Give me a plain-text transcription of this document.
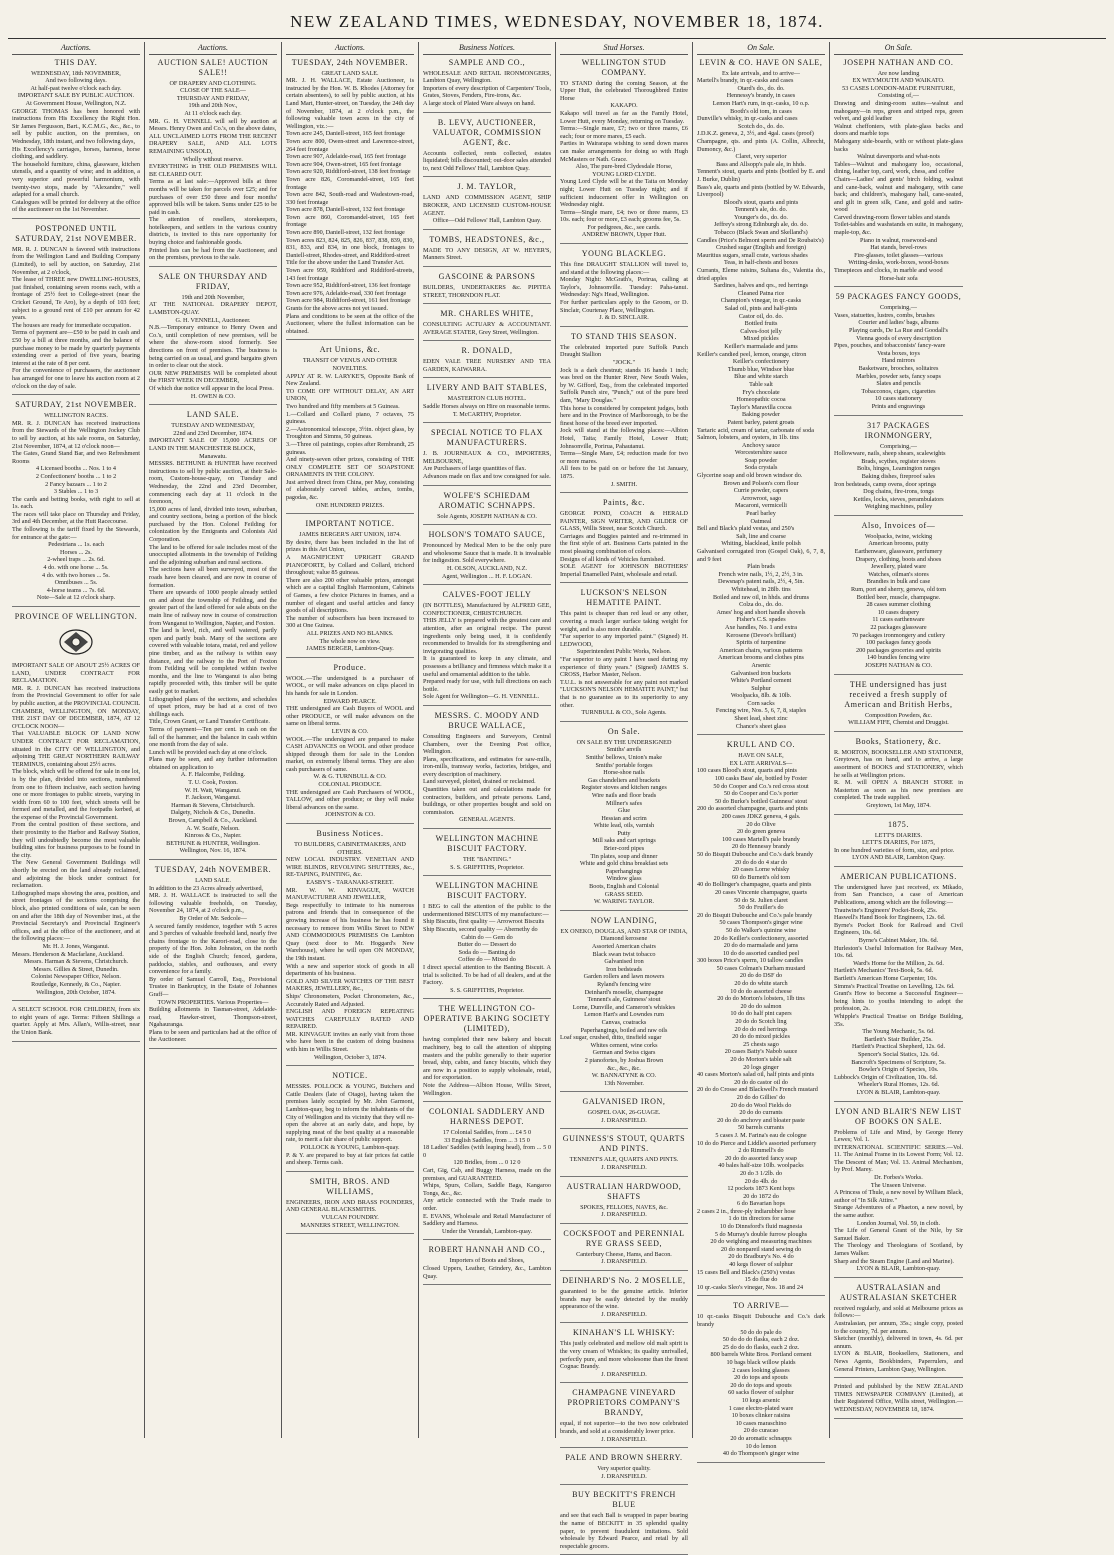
NEW ZEALAND TIMES, WEDNESDAY, NOVEMBER 18, 1874.
Auctions.
THIS DAY.

WEDNESDAY, 18th NOVEMBER,

And two following days.

At half-past twelve o'clock each day.

IMPORTANT SALE BY PUBLIC AUCTION.

At Government House, Wellington, N.Z.

GEORGE THOMAS has been honored with instructions from His Excellency the Right Hon. Sir James Fergusson, Bart., K.C.M.G., &c., &c., to sell by public auction, on the premises, on Wednesday, 18th instant, and two following days,

His Excellency's carriages, horses, harness, horse clothing, and saddlery.

The household furniture, china, glassware, kitchen utensils, and a quantity of wine; and in addition, a very superior and powerful harmonium, with twenty-two stops, made by "Alexandre," well adapted for a small church.

Catalogues will be printed for delivery at the office of the auctioneer on the 1st November.

POSTPONED UNTIL SATURDAY, 21st NOVEMBER.

MR. R. J. DUNCAN is favored with instructions from the Wellington Land and Building Company (Limited), to sell by auction, on Saturday, 21st November, at 2 o'clock,

The lease of THREE new DWELLING-HOUSES, just finished, containing seven rooms each, with a frontage of 25½ feet to College-street (near the Cricket Ground, Te Aro), by a depth of 103 feet; subject to a ground rent of £10 per annum for 42 years.

The houses are ready for immediate occupation.

Terms of payment are—£50 to be paid in cash and £50 by a bill at three months, and the balance of purchase money to be made by quarterly payments extending over a period of five years, bearing interest at the rate of 8 per cent.

For the convenience of purchasers, the auctioneer has arranged for one to leave his auction room at 2 o'clock on the day of sale.

SATURDAY, 21st NOVEMBER.

WELLINGTON RACES.

MR. R. J. DUNCAN has received instructions from the Stewards of the Wellington Jockey Club to sell by auction, at his sale rooms, on Saturday, 21st November, 1874, at 12 o'clock noon—

The Gates, Grand Stand Bar, and two Refreshment Rooms

4 Licensed booths ... Nos. 1 to 4

2 Confectioners' booths ... 1 to 2

2 Fancy bazaars ... 1 to 2

3 Stables ... 1 to 3

The cards and betting books, with right to sell at 1s. each.

The races will take place on Thursday and Friday, 3rd and 4th December, at the Hutt Racecourse.

The following is the tariff fixed by the Stewards, for entrance at the gate:—

Pedestrians ... 1s. each

Horses ... 2s.

2-wheel traps ... 2s. 6d.

4 do. with one horse ... 5s.

4 do. with two horses ... 5s.

Omnibuses ... 5s.

4-horse teams ... 7s. 6d.

Note—Sale at 12 o'clock sharp.

PROVINCE OF WELLINGTON.

IMPORTANT SALE OF ABOUT 25½ ACRES OF LAND, UNDER CONTRACT FOR RECLAMATION.

MR. R. J. DUNCAN has received instructions from the Provincial Government to offer for sale by public auction, at the PROVINCIAL COUNCIL CHAMBER, WELLINGTON, ON MONDAY, THE 21ST DAY OF DECEMBER, 1874, AT 12 O'CLOCK NOON—

That VALUABLE BLOCK OF LAND NOW UNDER CONTRACT FOR RECLAMATION, situated in the CITY OF WELLINGTON, and adjoining THE GREAT NORTHERN RAILWAY TERMINUS, containing about 25½ acres.

The block, which will be offered for sale in one lot, is by the plan, divided into sections, numbered from one to fifteen inclusive, each section having one or more frontages to public streets, varying in width from 60 to 100 feet, which streets will be formed and metalled, and the footpaths kerbed, at the expense of the Provincial Government.

From the central position of these sections, and their proximity to the Harbor and Railway Station, they will undoubtedly become the most valuable building sites for business purposes to be found in the city.

The New General Government Buildings will shortly be erected on the land already reclaimed, and adjoining the block under contract for reclamation.

Lithographed maps showing the area, position, and street frontages of the sections comprising the block, also printed conditions of sale, can be seen on and after the 18th day of November inst., at the Provincial Secretary's and Provincial Engineer's offices, and at the office of the auctioneer, and at the following places:—

Mr. H. J. Jones, Wanganui.

Messrs. Henderson & Macfarlane, Auckland.

Messrs. Harman & Stevens, Christchurch.

Messrs. Gillies & Street, Dunedin.

Colonist Newspaper Office, Nelson.

Routledge, Kennedy, & Co., Napier.

Wellington, 20th October, 1874.

A SELECT SCHOOL FOR CHILDREN, from six to eight years of age. Terms: Fifteen Shillings a quarter. Apply at Mrs. Allan's, Willis-street, near the Union Bank.

Auctions.
AUCTION SALE! AUCTION SALE!!

OF DRAPERY AND CLOTHING.

CLOSE OF THE SALE—

THURSDAY AND FRIDAY,

19th and 20th Nov.,

At 11 o'clock each day.

MR. G. H. VENNELL will sell by auction at Messrs. Henry Owen and Co.'s, on the above dates,

ALL UNCLAIMED LOTS FROM THE RECENT DRAPERY SALE, AND ALL LOTS REMAINING UNSOLD,

Wholly without reserve.

EVERYTHING in THE OLD PREMISES WILL BE CLEARED OUT.

Terms as at last sale:—Approved bills at three months will be taken for parcels over £25; and for purchases of over £50 three and four months' approved bills will be taken. Sums under £25 to be paid in cash.

The attention of resellers, storekeepers, hotelkeepers, and settlers in the various country districts, is invited to this rare opportunity for buying choice and fashionable goods.

Printed lists can be had from the Auctioneer, and on the premises, previous to the sale.

SALE ON THURSDAY AND FRIDAY,

19th and 20th November,

AT THE NATIONAL DRAPERY DEPOT, LAMBTON-QUAY.

G. H. VENNELL, Auctioneer.

N.B.—Temporary entrance to Henry Owen and Co.'s, until completion of new premises, will be where the show-room stood formerly. See directions on front of premises. The business is being carried on as usual, and grand bargains given in order to clear out the stock.

OUR NEW PREMISES Will be completed about the FIRST WEEK IN DECEMBER,

Of which due notice will appear in the local Press.

H. OWEN & CO.

LAND SALE.

TUESDAY AND WEDNESDAY,

22nd and 23rd December, 1874.

IMPORTANT SALE OF 15,000 ACRES OF LAND IN THE MANCHESTER BLOCK,

Manawatu.

MESSRS. BETHUNE & HUNTER have received instructions to sell by public auction, at their Sale-room, Custom-house-quay, on Tuesday and Wednesday, the 22nd and 23rd December, commencing each day at 11 o'clock in the forenoon,

15,000 acres of land, divided into town, suburban, and country sections, being a portion of the block purchased by the Hon. Colonel Feilding for colonization by the Emigrants and Colonists Aid Corporation.

The land to be offered for sale includes most of the unoccupied allotments in the township of Feilding and the adjoining suburban and rural sections.

The sections have all been surveyed, most of the roads have been cleared, and are now in course of formation.

There are upwards of 1000 people already settled on and about the township of Feilding, and the greater part of the land offered for sale abuts on the main line of railway now in course of construction from Wanganui to Wellington, Napier, and Foxton.

The land is level, rich, and well watered, partly open and partly bush. Many of the sections are covered with valuable totara, matai, red and yellow pine timber, and as the railway is within easy distance, and the railway to the Port of Foxton from Feilding will be completed within twelve months, and the line to Wanganui is also being rapidly proceeded with, this timber will be quite easily got to market.

Lithographed plans of the sections, and schedules of upset prices, may be had at a cost of two shillings each.

Title, Crown Grant, or Land Transfer Certificate.

Terms of payment—Ten per cent. in cash on the fall of the hammer, and the balance in cash within one month from the day of sale.

Lunch will be provided each day at one o'clock.

Plans may be seen, and any further information obtained on application to

A. F. Halcombe, Feilding.

T. U. Cook, Foxton.

W. H. Watt, Wanganui.

F. Jackson, Wanganui.

Harman & Stevens, Christchurch.

Dalgety, Nichols & Co., Dunedin.

Brown, Campbell & Co., Auckland.

A. W. Scaife, Nelson.

Kinross & Co., Napier.

BETHUNE & HUNTER, Wellington.

Wellington, Nov. 16, 1874.

TUESDAY, 24th NOVEMBER.

LAND SALE.

In addition to the 23 Acres already advertised,

MR. J. H. WALLACE is instructed to sell the following valuable freeholds, on Tuesday, November 24, 1874, at 2 o'clock p.m.,

By Order of Mr. Sedcole—

A secured family residence, together with 5 acres and 3 perches of valuable freehold land, nearly five chains frontage to the Karori-road, close to the property of the Hon. John Johnston, on the north side of the English Church; fenced, gardens, paddocks, stables, and outhouses, and every convenience for a family.

By order of Samuel Carroll, Esq., Provisional Trustee in Bankruptcy, in the Estate of Johannes Graff—

TOWN PROPERTIES. Various Properties—

Building allotments in Tasman-street, Adelaide-road, Hawker-street, Thompson-street, Ngahauranga.

Plans to be seen and particulars had at the office of the Auctioneer.

Auctions.
TUESDAY, 24th NOVEMBER.

GREAT LAND SALE.

MR. J. H. WALLACE, Estate Auctioneer, is instructed by the Hon. W. B. Rhodes (Attorney for certain absentees), to sell by public auction, at his Land Mart, Hunter-street, on Tuesday, the 24th day of November, 1874, at 2 o'clock p.m., the following valuable town acres in the city of Wellington, viz.:—

Town acre 245, Daniell-street, 165 feet frontage

Town acre 800, Owen-street and Lawrence-street, 264 feet frontage

Town acre 907, Adelaide-road, 165 feet frontage

Town acre 904, Owen-street, 165 feet frontage

Town acre 920, Riddiford-street, 138 feet frontage

Town acre 826, Coromandel-street, 165 feet frontage

Town acre 842, South-road and Wadestown-road, 330 feet frontage

Town acre 878, Daniell-street, 132 feet frontage

Town acre 860, Coromandel-street, 165 feet frontage

Town acre 890, Daniell-street, 132 feet frontage

Town acres 823, 824, 825, 826, 837, 838, 839, 830, 831, 833, and 834, in one block, frontages to Daniell-street, Rhodes-street, and Riddiford-street

Title for the above under the Land Transfer Act.

Town acre 959, Riddiford and Riddiford-streets, 143 feet frontage

Town acre 952, Riddiford-street, 136 feet frontage

Town acre 976, Adelaide-road, 330 feet frontage

Town acre 984, Riddiford-street, 161 feet frontage

Grants for the above acres not yet issued.

Plans and conditions to be seen at the office of the Auctioneer, where the fullest information can be obtained.

Art Unions, &c.

TRANSIT OF VENUS AND OTHER NOVELTIES.

APPLY AT R. W. LARYKE'S, Opposite Bank of New Zealand.

TO COME OFF WITHOUT DELAY, AN ART UNION,

Two hundred and fifty members at 5 Guineas.

1.—Collard and Collard piano, 7 octaves, 75 guineas.

2.—Astronomical telescope, 3½in. object glass, by Troughton and Simms, 50 guineas.

3.—Three oil paintings, copies after Rembrandt, 25 guineas.

And ninety-seven other prizes, consisting of THE ONLY COMPLETE SET OF SOAPSTONE ORNAMENTS IN THE COLONY.

Just arrived direct from China, per May, consisting of elaborately carved tables, arches, tombs, pagodas, &c.

ONE HUNDRED PRIZES.

IMPORTANT NOTICE.

JAMES BERGER'S ART UNION, 1874.

By desire, there has been included in the list of prizes in this Art Union,

A MAGNIFICENT UPRIGHT GRAND PIANOFORTE, by Collard and Collard, trichord throughout; value 85 guineas.

There are also 200 other valuable prizes, amongst which are a capital English Harmonium, Cabinets of Games, a few choice Pictures in frames, and a number of elegant and useful articles and fancy goods of all descriptions.

The number of subscribers has been increased to 300 at One Guinea.

ALL PRIZES AND NO BLANKS.

The whole now on view.

JAMES BERGER, Lambton-Quay.

Produce.

WOOL.—The undersigned is a purchaser of WOOL, or will make advances on clips placed in his hands for sale in London.

EDWARD PEARCE.

THE undersigned are Cash Buyers of WOOL and other PRODUCE, or will make advances on the same on liberal terms.

LEVIN & CO.

WOOL.—The undersigned are prepared to make CASH ADVANCES on WOOL and other produce shipped through them for sale in the London market, on extremely liberal terms. They are also cash purchasers of same.

W. & G. TURNBULL & CO.

COLONIAL PRODUCE.

THE undersigned are Cash Purchasers of WOOL, TALLOW, and other produce; or they will make liberal advances on the same.

JOHNSTON & CO.

Business Notices.

TO BUILDERS, CABINETMAKERS, AND OTHERS.

NEW LOCAL INDUSTRY. VENETIAN AND WIRE BLINDS, REVOLVING SHUTTERS, &c., RE-TAPING, PAINTING, &c.

EASBY'S - TARANAKI-STREET.

MR. W. W. KINVAGUE, WATCH MANUFACTURER AND JEWELLER,

Begs respectfully to intimate to his numerous patrons and friends that in consequence of the growing increase of his business he has found it necessary to remove from Willis Street to NEW AND COMMODIOUS PREMISES On Lambton Quay (next door to Mr. Hoggard's New Warehouse), where he will open ON MONDAY, the 19th instant.

With a new and superior stock of goods in all departments of his business.

GOLD AND SILVER WATCHES OF THE BEST MAKERS, JEWELLERY, &c.,

Ships' Chronometers, Pocket Chronometers, &c., Accurately Rated and Adjusted.

ENGLISH AND FOREIGN REPEATING WATCHES CAREFULLY RATED AND REPAIRED.

MR. KINVAGUE invites an early visit from those who have been in the custom of doing business with him in Willis Street.

Wellington, October 3, 1874.

NOTICE.

MESSRS. POLLOCK & YOUNG, Butchers and Cattle Dealers (late of Otago), having taken the premises lately occupied by Mr. John Garmont, Lambton-quay, beg to inform the inhabitants of the City of Wellington and its vicinity that they will re-open the above at an early date, and hope, by supplying meat of the best quality at a reasonable rate, to merit a fair share of public support.

POLLOCK & YOUNG, Lambton-quay.

P. & Y. are prepared to buy at fair prices fat cattle and sheep. Terms cash.

SMITH, BROS. AND WILLIAMS,

ENGINEERS, IRON AND BRASS FOUNDERS, AND GENERAL BLACKSMITHS.

VULCAN FOUNDRY.

MANNERS STREET, WELLINGTON.

Business Notices.
SAMPLE AND CO.,

WHOLESALE AND RETAIL IRONMONGERS, Lambton Quay, Wellington.

Importers of every description of Carpenters' Tools, Grates, Stoves, Fenders, Fire-irons, &c.

A large stock of Plated Ware always on hand.

B. LEVY, AUCTIONEER, VALUATOR, COMMISSION AGENT, &c.

Accounts collected, rents collected, estates liquidated; bills discounted; out-door sales attended to, next Odd Fellows' Hall, Lambton Quay.

J. M. TAYLOR,

LAND AND COMMISSION AGENT, SHIP BROKER, AND LICENSED CUSTOM-HOUSE AGENT.

Office—Odd Fellows' Hall, Lambton Quay.

TOMBS, HEADSTONES, &c.,

MADE TO ANY DESIGN, AT W. HEYER'S, Manners Street.

GASCOINE & PARSONS

BUILDERS, UNDERTAKERS &c. PIPITEA STREET, THORNDON FLAT.

MR. CHARLES WHITE,

CONSULTING ACTUARY & ACCOUNTANT. AVERAGE STATER, Grey Street, Wellington.

R. DONALD,

EDEN VALE TREE NURSERY AND TEA GARDEN, KAIWARRA.

LIVERY AND BAIT STABLES,

MASTERTON CLUB HOTEL.

Saddle Horses always on Hire on reasonable terms.

T. McCARTHY, Proprietor.

SPECIAL NOTICE TO FLAX MANUFACTURERS.

J. B. JOURNEAUX & CO., IMPORTERS, MELBOURNE,

Are Purchasers of large quantities of flax.

Advances made on flax and tow consigned for sale.

WOLFE'S SCHIEDAM AROMATIC SCHNAPPS.

Sole Agents, JOSEPH NATHAN & CO.

HOLSON'S TOMATO SAUCE,

Pronounced by Medical Men to be the only pure and wholesome Sauce that is made. It is invaluable for indigestion. Sold everywhere.

H. OLSON, AUCKLAND, N.Z.

Agent, Wellington ... H. F. LOGAN.

CALVES-FOOT JELLY

(IN BOTTLES), Manufactured by ALFRED GEE, CONFECTIONER, CHRISTCHURCH.

THIS JELLY is prepared with the greatest care and attention, after an original recipe. The purest ingredients only being used, it is confidently recommended to Invalids for its strengthening and invigorating qualities.

It is guaranteed to keep in any climate, and possesses a brilliancy and firmness which make it a useful and ornamental addition to the table.

Prepared ready for use, with full directions on each bottle.

Sole Agent for Wellington—G. H. VENNELL.

MESSRS. C. MOODY AND BRUCE WALLACE,

Consulting Engineers and Surveyors, Central Chambers, over the Evening Post office, Wellington.

Plans, specifications, and estimates for saw-mills, iron-mills, tramway works, factories, bridges, and every description of machinery.

Land surveyed, plotted, drained or reclaimed.

Quantities taken out and calculations made for contractors, builders, and private persons. Land, buildings, or other properties bought and sold on commission.

GENERAL AGENTS.

WELLINGTON MACHINE BISCUIT FACTORY.

THE "BANTING."

S. S. GRIFFITHS, Proprietor.

WELLINGTON MACHINE BISCUIT FACTORY.

I BEG to call the attention of the public to the undermentioned BISCUITS of my manufacture:—

Ship Biscuits, first quality — Arrowroot Biscuits

Ship Biscuits, second quality — Abernethy do

Cabin do — Gem do

Butter do — Dessert do

Soda do — Banting do

Coffee do — Mixed do

I direct special attention to the Banting Biscuit. A trial is solicited. To be had of all dealers, and at the Factory.

S. S. GRIFFITHS, Proprietor.

THE WELLINGTON CO-OPERATIVE BAKING SOCIETY (LIMITED),

having completed their new bakery and biscuit machinery, beg to call the attention of shipping masters and the public generally to their superior bread, ship, cabin, and fancy biscuits, which they are now in a position to supply wholesale, retail, and for exportation.

Note the Address—Albion House, Willis Street, Wellington.

COLONIAL SADDLERY AND HARNESS DEPOT.

17 Colonial Saddles, from ... £4 5 0

33 English Saddles, from ... 3 15 0

18 Ladies' Saddles (with leaping head), from ... 5 0 0

120 Bridles, from ... 0 12 0

Cart, Gig, Cab, and Buggy Harness, made on the premises, and GUARANTEED.

Whips, Spurs, Collars, Saddle Bags, Kangaroo Tongs, &c., &c.

Any article connected with the Trade made to order.

E. EVANS, Wholesale and Retail Manufacturer of Saddlery and Harness.

Under the Verandah, Lambton-quay.

ROBERT HANNAH AND CO.,

Importers of Boots and Shoes,

Closed Uppers, Leather, Grindery, &c., Lambton Quay.

Stud Horses.
WELLINGTON STUD COMPANY.

TO STAND during the coming Season, at the Upper Hutt, the celebrated Thoroughbred Entire Horse

KAKAPO.

Kakapo will travel as far as the Family Hotel, Lower Hutt, every Monday, returning on Tuesday.

Terms:—Single mare, £7; two or three mares, £6 each; four or more mares, £5 each.

Parties in Wairarapa wishing to send down mares can make arrangements for doing so with Hugh McMasters or Nath. Grace.

Also, The pure-bred Clydesdale Horse,

YOUNG LORD CLYDE.

Young Lord Clyde will be at the Taita on Monday night; Lower Hutt on Tuesday night; and if sufficient inducement offer in Wellington on Wednesday night.

Terms—Single mare, £4; two or three mares, £3 10s. each; four or more, £3 each; grooms fee, 5s.

For pedigrees, &c., see cards.

ANDREW BROWN, Upper Hutt.

YOUNG BLACKLEG.

This fine DRAUGHT STALLION will travel to, and stand at the following places:—

Monday Night: McGrath's, Porirua, calling at Taylor's, Johnsonville. Tuesday: Paha-tanui. Wednesday: Ng's Head, Wellington.

For further particulars apply to the Groom, or D. Sinclair, Courtenay Place, Wellington.

J. & D. SINCLAIR.

TO STAND THIS SEASON.

The celebrated imported pure Suffolk Punch Draught Stallion

"JOCK."

Jock is a dark chestnut; stands 16 hands 1 inch; was bred on the Hunter River, New South Wales, by W. Gifford, Esq., from the celebrated imported Suffolk Punch sire, "Punch," out of the pure bred dam, "Mary Douglas."

This horse is considered by competent judges, both here and in the Province of Marlborough, to be the finest horse of the breed ever imported.

Jock will stand at the following places:—Albion Hotel, Taita; Family Hotel, Lower Hutt; Johnsonville, Porirua, Pahautanui.

Terms—Single Mare, £4; reduction made for two or more mares.

All fees to be paid on or before the 1st January, 1875.

J. SMITH.

Paints, &c.

GEORGE POND, COACH & HERALD PAINTER, SIGN WRITER, AND GILDER OF GLASS, Willis Street, near Scotch Church.

Carriages and Buggies painted and re-trimmed in the first style of art. Business Carts painted in the most pleasing combination of colors.

Designs of all kinds of Vehicles furnished.

SOLE AGENT for JOHNSON BROTHERS' Imperial Enamelled Paint, wholesale and retail.

LUCKSON'S NELSON HEMATITE PAINT.

This paint is cheaper than red lead or any other, covering a much larger surface taking weight for weight, and is also more durable.

"Far superior to any imported paint." (Signed) H. LEDWOOD,

Superintendent Public Works, Nelson.

"Far superior to any paint I have used during my experience of thirty years." (Signed) JAMES S. CROSS, Harbor Master, Nelson.

T.U.L. is not answerable for any paint not marked "LUCKSON'S NELSON HEMATITE PAINT," but that is no guarantee as to its superiority to any other.

TURNBULL & CO., Sole Agents.

On Sale.

ON SALE BY THE UNDERSIGNED

Smiths' anvils

Smiths' bellows, Union's make

Smiths' portable forges

Horse-shoe nails

Gas chandeliers and brackets

Register stoves and kitchen ranges

Wire nails and floor brads

Millner's safes

Glue

Hessian and scrim

White lead, oils, varnish

Putty

Mill saks and cart springs

Brier-cord pipes

Tin plates, soup and dinner

White and gold china breakfast sets

Paperhangings

Window glass

Boots, English and Colonial

GRASS SEED.

W. WARING TAYLOR.

NOW LANDING,

EX ONEKO, DOUGLAS, AND STAR OF INDIA,

Diamond kerosene

Assorted American chairs

Black swan twist tobacco

Galvanised iron

Iron bedsteads

Garden rollers and lawn mowers

Ryland's fencing wire

Deinhard's moselle, champagne

Tennent's ale, Guinness' stout

Lorne, Dunville, and Cameron's whiskies

Lemon Hart's and Lowndes rum

Canvas, coatracks

Paperhangings, boiled and raw oils

Loaf sugar, crushed, ditto, tinsfield sugar

Whites cement, wine corks

German and Swiss cigars

2 pianofortes, by Joshua Brown

&c., &c., &c.

W. BANNATYNE & CO.

13th November.

GALVANISED IRON,

GOSPEL OAK, 26-GUAGE.

J. DRANSFIELD.

GUINNESS'S STOUT, QUARTS AND PINTS.

TENNENT'S ALE, QUARTS AND PINTS.

J. DRANSFIELD.

AUSTRALIAN HARDWOOD, SHAFTS

SPOKES, FELLOES, NAVES, &c.

J. DRANSFIELD.

COCKSFOOT and PERENNIAL RYE GRASS SEED,

Canterbury Cheese, Hams, and Bacon.

J. DRANSFIELD.

DEINHARD'S No. 2 MOSELLE,

guaranteed to be the genuine article. Inferior brands may be easily detected by the muddy appearance of the wine.

J. DRANSFIELD.

KINAHAN'S LL WHISKY:

This justly celebrated and mellow old malt spirit is the very cream of Whiskies; its quality unrivalled, perfectly pure, and more wholesome than the finest Cognac Brandy.

J. DRANSFIELD.

CHAMPAGNE VINEYARD PROPRIETORS COMPANY'S BRANDY,

equal, if not superior—to the two now celebrated brands, and sold at a considerably lower price.

J. DRANSFIELD.

PALE AND BROWN SHERRY.

Very superior quality.

J. DRANSFIELD.

BUY BECKITT'S FRENCH BLUE

and see that each Ball is wrapped in paper bearing the name of BECKITT in 35 splendid quality paper, to prevent fraudulent imitations. Sold wholesale by Edward Pearce, and retail by all respectable grocers.

On Sale.
LEVIN & CO. HAVE ON SALE,

Ex late arrivals, and to arrive—

Martell's brandy, in qr.-casks and cases

Otard's do., do. do.

Hennessy's brandy, in cases

Lemon Hart's rum, in qr.-casks, 10 o.p.

Booth's old tom, in cases

Dunville's whisky, in qr.-casks and cases

Scotch do., do. do.

J.D.K.Z. geneva, 2, 3½, and 4gal. cases (proof)

Champagne, qts. and pints (A. Collin, Albrecht, Dumoncy, &c.)

Claret, very superior

Bass and Allsopp's pale ale, in hhds.

Tennent's stout, quarts and pints (bottled by E. and J. Burke, Dublin)

Bass's ale, quarts and pints (bottled by W. Edwards, Liverpool)

Blood's stout, quarts and pints

Tennent's ale, do. do.

Younger's do., do. do.

Jeffrey's strong Edinburgh ale, do. do.

Tobacco (Black Swan and Skelland's)

Candles (Price's Belmont sperm and De Roubaix's)

Crushed sugar (English and foreign)

Mauritius sugars, small crate, various shades

Teas, in half-chests and boxes

Currants, Eleme raisins, Sultana do., Valentia do., dried apples

Sardines, halves and qrs., red herrings

Cleaned Patna rice

Champion's vinegar, in qr.-casks

Salad oil, pints and half-pints

Castor oil, do. do.

Bottled fruits

Calves-foot jelly

Mixed pickles

Keiller's marmalade and jams

Keiller's candied peel, lemon, orange, citron

Keiller's confectionery

Thumb blue, Windsor blue

Blue and white starch

Table salt

Fry's chocolate

Homeopathic cocoa

Taylor's Maravilla cocoa

Baking powder

Patent barley, patent groats

Tartaric acid, cream of tartar, carbonate of soda

Salmon, lobsters, and oysters, in 1lb. tins

Anchovy sauce

Worcestershire sauce

Soap powder

Soda crystals

Glycerine soap and old brown windsor do.

Brown and Polson's corn flour

Currie powder, capers

Arrowroot, sago

Macaroni, vermicelli

Pearl barley

Oatmeal

Bell and Black's plaid vestas, and 250's

Salt, line and coarse

Whiting, blacklead, knife polish

Galvanised corrugated iron (Gospel Oak), 6, 7, 8, and 9 feet

Plain brads

French wire nails, 1½, 2, 2½, 3 in.

Dewsnap's patent nails, 2½, 4, 5in.

Whitehead, in 28lb. tins

Boiled and raw oil, in hhds. and drums

Colza do., do. do.

Ames' hog and short handle shovels

Fisher's C.S. spades

Axe handles, No. 1 and extra

Kerosene (Devoe's brilliant)

Spirits of turpentine

American chairs, various patterns

American brooms and clothes pins

Arsenic

Galvanised iron buckets

White's Portland cement

Sulphur

Woolpacks, 8lb. & 10lb.

Corn sacks

Fencing wire, Nos. 5, 6, 7, 8, staples

Sheet lead, sheet zinc

Chance's sheet glass

KRULL AND CO.

HAVE ON SALE,

EX LATE ARRIVALS—

100 cases Blood's stout, quarts and pints

100 casks Bass' ale, bottled by Foster

50 do Cooper and Co.'s red cross stout

50 do Cooper and Co.'s porter

50 do Burke's bottled Guinness' stout

200 do assorted champagne, quarts and pints

200 cases JDKZ geneva, 4 gals.

20 do Olive

20 do green geneva

100 cases Martell's pale brandy

20 do Hennessy brandy

50 do Bisquit Dubouche and Co.'s dark brandy

20 do do do 4 star do

20 cases Lorne whisky

60 do Burnett's old tom

40 do Bollinger's champagne, quarts and pints

20 cases Vincente champagne, quarts

50 do St. Julien claret

50 do Fruiller's do

20 do Bisquit Dubouche and Co.'s pale brandy

50 cases Thompson's ginger wine

50 do Walker's quinine wine

20 do Keiller's confectionery, assorted

20 do do marmalade and jams

10 do do assorted candied peel

300 boxes Price's sperm, 10 tallow candles

50 cases Colman's Durham mustard

20 do do DSF do

20 do do white starch

10 do do assorted cheese

20 do do Morton's lobsters, 1lb tins

20 do do salmon

10 do do half pint capers

20 do do Scotch ling

20 do do red herrings

20 do do mixed pickles

25 chests sago

20 cases Batty's Nabob sauce

20 do Morton's table salt

20 logs ginger

40 cases Morton's salad oil, half pints and pints

20 do do castor oil do

20 do do Crosse and Blackwell's French mustard

20 do do Gillies' do

20 do do Wool Fields do

20 do do currants

20 do do anchovy and bloater paste

50 barrels currants

5 cases J. M. Farina's eau de cologne

10 do do Pierce and Liddle's assorted perfumery

2 do Rimmell's do

20 do do assorted fancy soap

40 bales half-size 10lb. woolpacks

20 do 3 1/2lb. do

20 do 4lb. do

12 pockets 1873 Kent hops

20 do 1872 do

6 do Bavarian hops

2 cases 2 in., three-ply indiarubber hose

1 do tin directors for same

10 do Dinnsford's fluid magnesia

5 do Murray's double furrow ploughs

20 do weighing and measuring machines

20 do nonpareil stand sewing do

20 do Bradbury's No. 4 do

40 kegs flower of sulphur

15 cases Bell and Black's (250's) vestas

15 do flue do

10 qr.-casks Sleo's vinegar, Nos. 18 and 24

TO ARRIVE—

10 qr.-casks Bisquit Dubouche and Co.'s dark brandy

50 do do pale do

50 do do do flasks, each 2 doz.

25 do do do flasks, each 2 doz.

800 barrels White Bros. Portland cement

10 bags black willow plaids

2 cases looking glasses

20 do tops and spouts

20 do do tops and spouts

60 sacks flower of sulphur

10 kegs arsenic

1 case electro-plated ware

10 boxes clinker raisins

10 cases maraschino

20 do curacao

20 do aromatic schnapps

10 do lemon

40 do Thompson's ginger wine

On Sale.
JOSEPH NATHAN AND CO.

Are now landing

EX WEYMOUTH AND WAIKATO.

53 CASES LONDON-MADE FURNITURE,

Consisting of,—

Drawing and dining-room suites—walnut and mahogany—in reps, green and striped reps, green velvet, and gold leather

Walnut cheffoniers, with plate-glass backs and doors and marble tops

Mahogany side-boards, with or without plate-glass backs

Walnut davenports and what-nots

Tables—Walnut and mahogany loo, occasional, dining, leather top, card, work, chess, and coffee

Chairs—Ladies' and gents' birch folding, walnut and cane-back, walnut and mahogany, with cane back; and children's, mahogany hall, cane-seated, and gilt in green silk, Cane, and gold and satin-wood

Carved drawing-room flower tables and stands

Toilet-tables and washstands en suite, in mahogany, maple-top, &c.

Piano in walnut, rosewood-and

Hat stands, bevel-rows

Fire-glasses, toilet glasses—various

Writing-desks, work-boxes, wood-boxes

Timepieces and clocks, in marble and wood

Horse-hair sofa

59 PACKAGES FANCY GOODS,

Comprising,—

Vases, statuettes, lustres, combs, brushes

Courier and ladies' bags, albums

Playing cards, De La Rue and Goodall's

Vienna goods of every description

Pipes, pouches, and tobacconists' fancy-ware

Vesta boxes, toys

Hand mirrors

Basketware, brooches, solitaires

Marbles, powder sets, fancy soaps

Slates and pencils

Tobacconos, cigars, cigarettes

10 cases stationery

Prints and engravings

317 PACKAGES IRONMONGERY,

Comprising,—

Hollowware, nails, sheep shears, scalewights

Brads, scythes, register stoves

Bolts, hinges, Leamington ranges

Baking dishes, fireproof sales

Iron bedsteads, camp ovens, door springs

Dog chains, fire-irons, tongs

Kettles, locks, sieves, perambulators

Weighing machines, pulley

Also, Invoices of—

Woolpacks, twine, wicking

American brooms, putty

Earthenware, glassware, perfumery

Drapery, clothing, boots and shoes

Jewellery, plated ware

Watches, oilman's stores

Brandies in bulk and case

Rum, port and sherry, geneva, old tom

Bottled beer, muscle, champagne.

28 cases summer clothing

10 cases drapery

11 cases earthenware

22 packages glassware

70 packages ironmongery and cutlery

100 packages fancy goods

200 packages groceries and spirits

140 bundles fencing wire

JOSEPH NATHAN & CO.

THE undersigned has just received a fresh supply of American and British Herbs,

Composition Powders, &c.

WILLIAM FIFE, Chemist and Druggist.

Books, Stationery, &c.

R. MORTON, BOOKSELLER AND STATIONER, Greytown, has on hand, and to arrive, a large assortment of BOOKS and STATIONERY, which he sells at Wellington prices.

R. M. will OPEN A BRANCH STORE in Masterton as soon as his new premises are completed. The trade supplied.

Greytown, 1st May, 1874.

1875.

LETT'S DIARIES.

LETT'S DIARIES, For 1875,

In one hundred varieties of form, size, and price.

LYON AND BLAIR, Lambton Quay.

AMERICAN PUBLICATIONS.

The undersigned have just received, ex Mikado, from San Francisco, a case of American Publications, among which are the following:—

Trautwine's Engineers' Pocket-Book, 25s.

Haswell's Hand Book for Engineers, 12s. 6d.

Byrne's Pocket Book for Railroad and Civil Engineers, 10s. 6d.

Byrne's Cabinet Maker, 10s. 6d.

Hurleston's Useful Information for Railway Men, 10s. 6d.

Ward's Home for the Million, 2s. 6d.

Hartlett's Mechanics' Text-Book, 5s. 6d.

Bartlett's American Home Carpenter, 10s.

Simms's Practical Treatise on Levelling, 12s. 6d.

Grant's How to become a Successful Engineer—being hints to youths intending to adopt the profession, 2s.

Whipple's Practical Treatise on Bridge Building, 35s.

The Young Mechanic, 5s. 6d.

Bartlett's Stair Builder, 25s.

Hartlett's Practical Shepherd, 12s. 6d.

Spencer's Social Statics, 12s. 6d.

Bancroft's Specimens of Scripture, 5s.

Bowler's Origin of Species, 10s.

Lubbock's Origin of Civilization, 10s. 6d.

Wheeler's Rural Homes, 12s. 6d.

LYON & BLAIR, Lambton-quay.

LYON AND BLAIR'S NEW LIST OF BOOKS ON SALE.

Problems of Life and Mind, by George Henry Lewes; Vol. 1.

INTERNATIONAL SCIENTIFIC SERIES.—Vol. 11. The Animal Frame in its Lowest Form; Vol. 12. The Descent of Man; Vol. 13. Animal Mechanism, by Prof. Marey.

Dr. Forbes's Works.

The Unseen Universe.

A Princess of Thule, a new novel by William Black, author of "In Silk Attire."

Strange Adventures of a Phaeton, a new novel, by the same author.

London Journal, Vol. 59, in cloth.

The Life of General Grant of the Nile, by Sir Samuel Baker.

The Theology and Theologians of Scotland, by James Walker.

Sharp and the Steam Engine (Land and Marine).

LYON & BLAIR, Lambton-quay.

AUSTRALASIAN and AUSTRALASIAN SKETCHER

received regularly, and sold at Melbourne prices as follows:—

Australasian, per annum, 35s.; single copy, posted to the country, 7d. per annum.

Sketcher (monthly), delivered in town, 4s. 6d. per annum.

LYON & BLAIR, Booksellers, Stationers, and News Agents, Bookbinders, Paperrulers, and General Printers, Lambton Quay, Wellington.

Printed and published by the NEW ZEALAND TIMES NEWSPAPER COMPANY (Limited), at their Registered Office, Willis street, Wellington.—WEDNESDAY, NOVEMBER 18, 1874.
